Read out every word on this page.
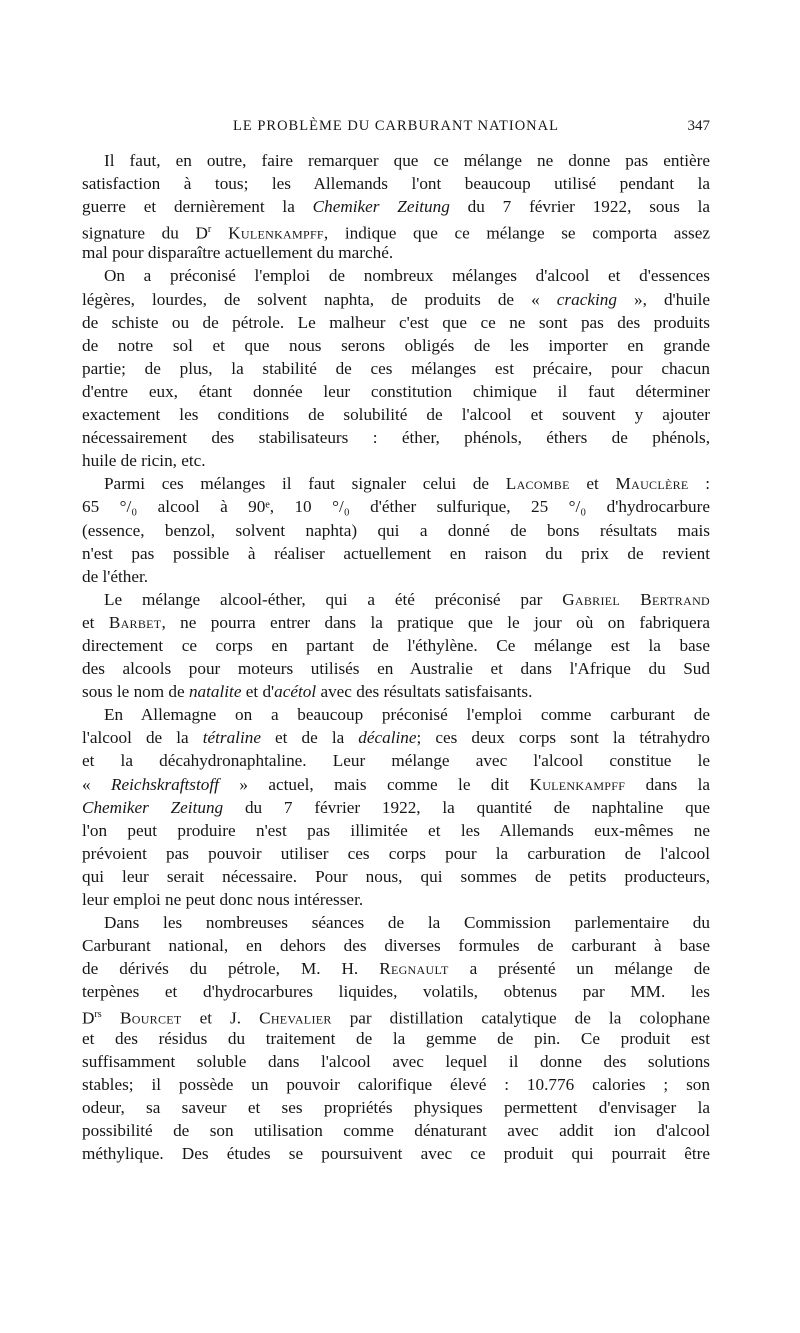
LE PROBLÈME DU CARBURANT NATIONAL	347
Il faut, en outre, faire remarquer que ce mélange ne donne pas entière
satisfaction à tous; les Allemands l'ont beaucoup utilisé pendant la
guerre et dernièrement la Chemiker Zeitung du 7 février 1922, sous la
signature du $D^r$ Kulenkampff, indique que ce mélange se comporta assez
mal pour disparaître actuellement du marché.
On a préconisé l'emploi de nombreux mélanges d'alcool et d'essences
légères, lourdes, de solvent naphta, de produits de « cracking », d'huile
de schiste ou de pétrole. Le malheur c'est que ce ne sont pas des produits
de notre sol et que nous serons obligés de les importer en grande
partie; de plus, la stabilité de ces mélanges est précaire, pour chacun
d'entre eux, étant donnée leur constitution chimique il faut déterminer
exactement les conditions de solubilité de l'alcool et souvent y ajouter
nécessairement des stabilisateurs : éther, phénols, éthers de phénols,
huile de ricin, etc.
Parmi ces mélanges il faut signaler celui de Lacombe et Mauclère :
65 °/₀ alcool à 90ᵉ, 10 °/₀ d'éther sulfurique, 25 °/₀ d'hydrocarbure
(essence, benzol, solvent naphta) qui a donné de bons résultats mais
n'est pas possible à réaliser actuellement en raison du prix de revient
de l'éther.
Le mélange alcool-éther, qui a été préconisé par Gabriel Bertrand
et Barbet, ne pourra entrer dans la pratique que le jour où on fabriquera
directement ce corps en partant de l'éthylène. Ce mélange est la base
des alcools pour moteurs utilisés en Australie et dans l'Afrique du Sud
sous le nom de natalite et d'acétol avec des résultats satisfaisants.
En Allemagne on a beaucoup préconisé l'emploi comme carburant de
l'alcool de la tétraline et de la décaline; ces deux corps sont la tétrahydro
et la décahydronaphtaline. Leur mélange avec l'alcool constitue le
« Reichskraftstoff » actuel, mais comme le dit Kulenkampff dans la
Chemiker Zeitung du 7 février 1922, la quantité de naphtaline que
l'on peut produire n'est pas illimitée et les Allemands eux-mêmes ne
prévoient pas pouvoir utiliser ces corps pour la carburation de l'alcool
qui leur serait nécessaire. Pour nous, qui sommes de petits producteurs,
leur emploi ne peut donc nous intéresser.
Dans les nombreuses séances de la Commission parlementaire du
Carburant national, en dehors des diverses formules de carburant à base
de dérivés du pétrole, M. H. Regnault a présenté un mélange de
terpènes et d'hydrocarbures liquides, volatils, obtenus par MM. les
$D^{rs}$ Bourcet et J. Chevalier par distillation catalytique de la colophane
et des résidus du traitement de la gemme de pin. Ce produit est
suffisamment soluble dans l'alcool avec lequel il donne des solutions
stables; il possède un pouvoir calorifique élevé : 10.776 calories ; son
odeur, sa saveur et ses propriétés physiques permettent d'envisager la
possibilité de son utilisation comme dénaturant avec addit ion d'alcool
méthylique. Des études se poursuivent avec ce produit qui pourrait être
